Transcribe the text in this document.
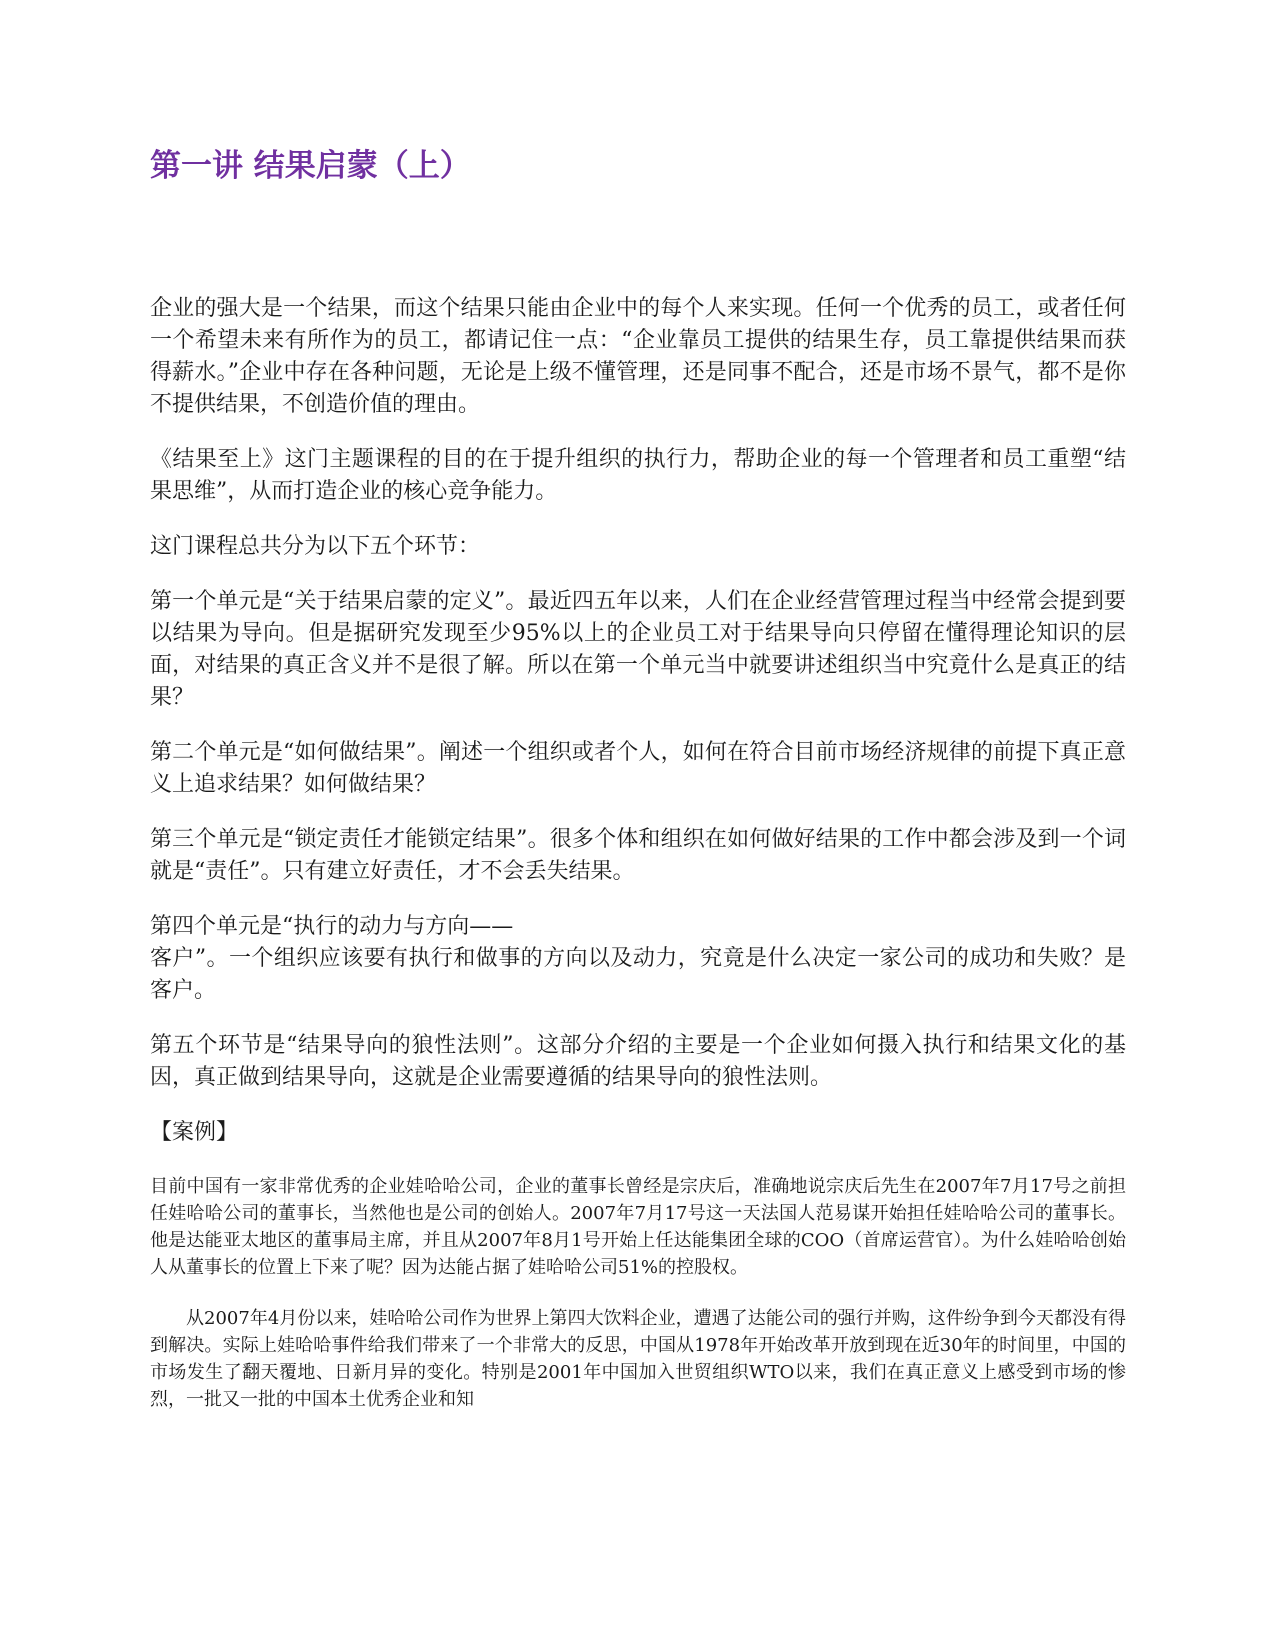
第一讲 结果启蒙（上）

企业的强大是一个结果，而这个结果只能由企业中的每个人来实现。任何一个优秀的员工，或者任何一个希望未来有所作为的员工，都请记住一点：“企业靠员工提供的结果生存，员工靠提供结果而获得薪水。”企业中存在各种问题，无论是上级不懂管理，还是同事不配合，还是市场不景气，都不是你不提供结果，不创造价值的理由。

《结果至上》这门主题课程的目的在于提升组织的执行力，帮助企业的每一个管理者和员工重塑“结果思维”，从而打造企业的核心竞争能力。

这门课程总共分为以下五个环节：

第一个单元是“关于结果启蒙的定义”。最近四五年以来，人们在企业经营管理过程当中经常会提到要以结果为导向。但是据研究发现至少95%以上的企业员工对于结果导向只停留在懂得理论知识的层面，对结果的真正含义并不是很了解。所以在第一个单元当中就要讲述组织当中究竟什么是真正的结果？

第二个单元是“如何做结果”。阐述一个组织或者个人，如何在符合目前市场经济规律的前提下真正意义上追求结果？如何做结果？

第三个单元是“锁定责任才能锁定结果”。很多个体和组织在如何做好结果的工作中都会涉及到一个词就是“责任”。只有建立好责任，才不会丢失结果。

第四个单元是“执行的动力与方向——
客户”。一个组织应该要有执行和做事的方向以及动力，究竟是什么决定一家公司的成功和失败？是客户。

第五个环节是“结果导向的狼性法则”。这部分介绍的主要是一个企业如何摄入执行和结果文化的基因，真正做到结果导向，这就是企业需要遵循的结果导向的狼性法则。

【案例】

目前中国有一家非常优秀的企业娃哈哈公司，企业的董事长曾经是宗庆后，准确地说宗庆后先生在2007年7月17号之前担任娃哈哈公司的董事长，当然他也是公司的创始人。2007年7月17号这一天法国人范易谋开始担任娃哈哈公司的董事长。他是达能亚太地区的董事局主席，并且从2007年8月1号开始上任达能集团全球的COO（首席运营官）。为什么娃哈哈创始人从董事长的位置上下来了呢？因为达能占据了娃哈哈公司51%的控股权。

从2007年4月份以来，娃哈哈公司作为世界上第四大饮料企业，遭遇了达能公司的强行并购，这件纷争到今天都没有得到解决。实际上娃哈哈事件给我们带来了一个非常大的反思，中国从1978年开始改革开放到现在近30年的时间里，中国的市场发生了翻天覆地、日新月异的变化。特别是2001年中国加入世贸组织WTO以来，我们在真正意义上感受到市场的惨烈，一批又一批的中国本土优秀企业和知
